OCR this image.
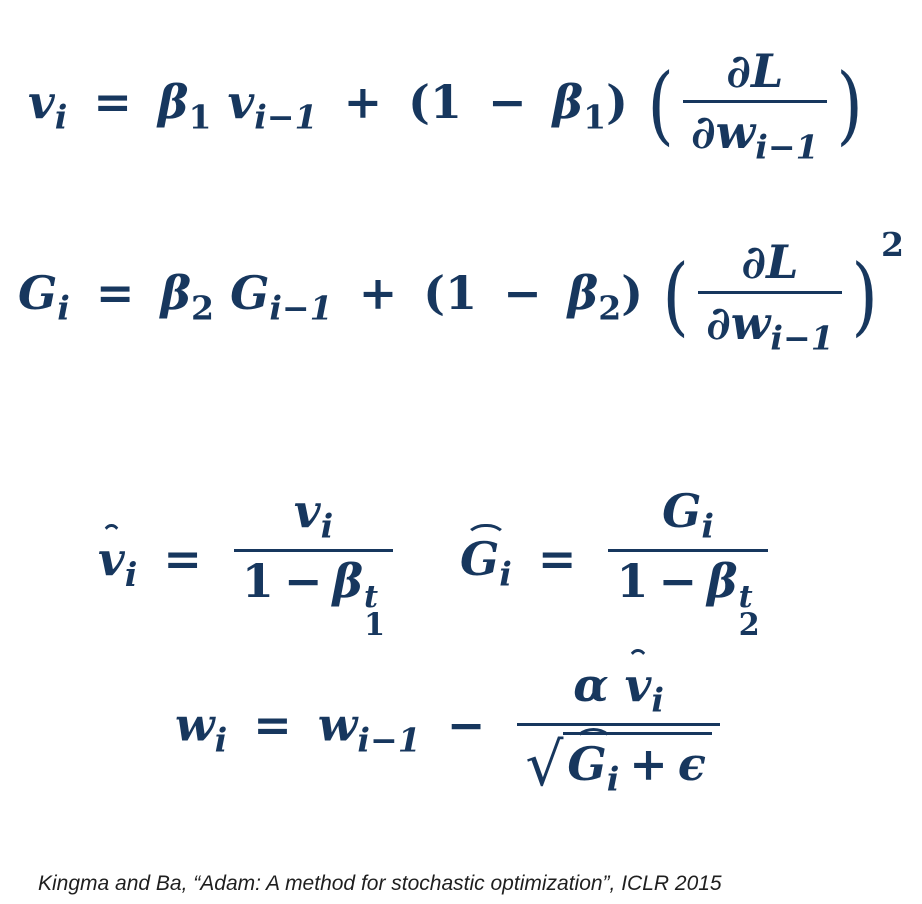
$v_i = \beta_1$ $v_{i-1} + (1 - \beta_1)$ ( $\frac{\partial L}{\partial w_{i-1}}$ )
$G_i = \beta_2$ $G_{i-1} + (1 - \beta_2)$ ( $\frac{\partial L}{\partial w_{i-1}} )^2$
$v_i = v_i$
1 − β t
1 $G_i = G_i$
1 − β t
2
$w_i = w_{i-1} - \frac{\alpha v_i}{√ G_i + \epsilon}$
Kingma and Ba, “Adam: A method for stochastic optimization”, ICLR 2015
